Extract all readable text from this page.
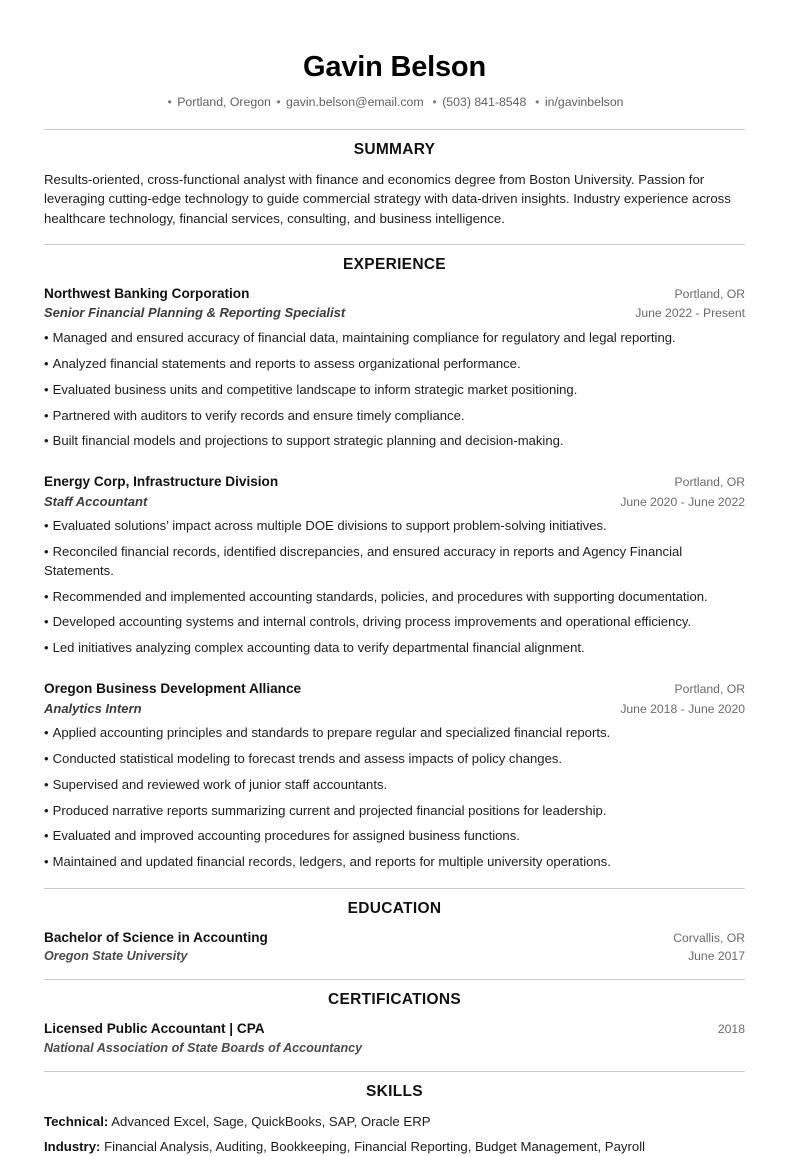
Gavin Belson
• Portland, Oregon • gavin.belson@email.com • (503) 841-8548 • in/gavinbelson
SUMMARY

Results-oriented, cross-functional analyst with finance and economics degree from Boston University. Passion for leveraging cutting-edge technology to guide commercial strategy with data-driven insights. Industry experience across healthcare technology, financial services, consulting, and business intelligence.

EXPERIENCE
Northwest Banking Corporation	Portland, OR
Senior Financial Planning & Reporting Specialist	June 2022 - Present
• Managed and ensured accuracy of financial data, maintaining compliance for regulatory and legal reporting.
• Analyzed financial statements and reports to assess organizational performance.
• Evaluated business units and competitive landscape to inform strategic market positioning.
• Partnered with auditors to verify records and ensure timely compliance.
• Built financial models and projections to support strategic planning and decision-making.
Energy Corp, Infrastructure Division	Portland, OR
Staff Accountant	June 2020 - June 2022
• Evaluated solutions’ impact across multiple DOE divisions to support problem-solving initiatives.
• Reconciled financial records, identified discrepancies, and ensured accuracy in reports and Agency Financial Statements.
• Recommended and implemented accounting standards, policies, and procedures with supporting documentation.
• Developed accounting systems and internal controls, driving process improvements and operational efficiency.
• Led initiatives analyzing complex accounting data to verify departmental financial alignment.
Oregon Business Development Alliance	Portland, OR
Analytics Intern	June 2018 - June 2020
• Applied accounting principles and standards to prepare regular and specialized financial reports.
• Conducted statistical modeling to forecast trends and assess impacts of policy changes.
• Supervised and reviewed work of junior staff accountants.
• Produced narrative reports summarizing current and projected financial positions for leadership.
• Evaluated and improved accounting procedures for assigned business functions.
• Maintained and updated financial records, ledgers, and reports for multiple university operations.
EDUCATION
Bachelor of Science in Accounting	Corvallis, OR
Oregon State University	June 2017
CERTIFICATIONS
Licensed Public Accountant | CPA	2018
National Association of State Boards of Accountancy
SKILLS

Technical: Advanced Excel, Sage, QuickBooks, SAP, Oracle ERP

Industry: Financial Analysis, Auditing, Bookkeeping, Financial Reporting, Budget Management, Payroll
